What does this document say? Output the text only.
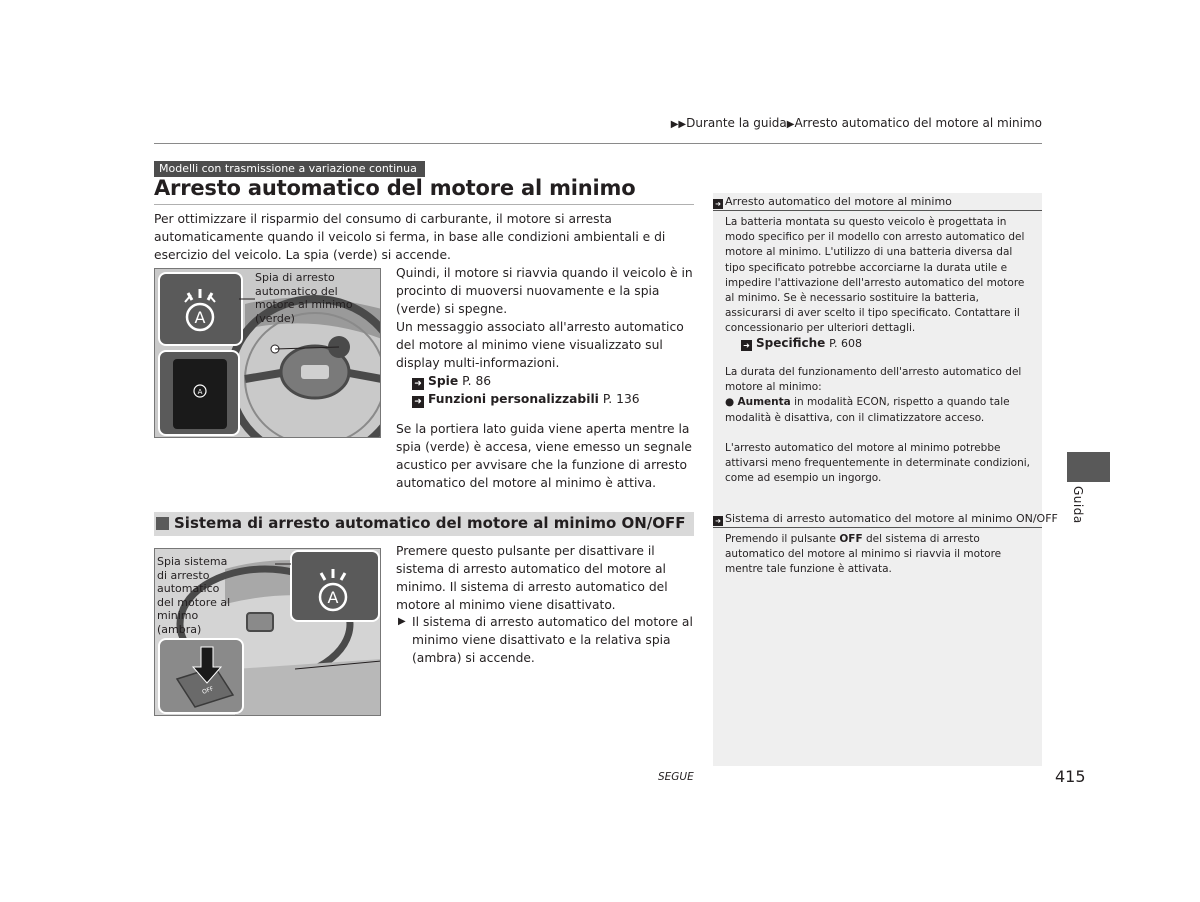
▶▶Durante la guida▶Arresto automatico del motore al minimo
Modelli con trasmissione a variazione continua
Arresto automatico del motore al minimo
Per ottimizzare il risparmio del consumo di carburante, il motore si arresta automaticamente quando il veicolo si ferma, in base alle condizioni ambientali e di esercizio del veicolo. La spia (verde) si accende.
A
A
Spia di arresto automatico del motore al minimo (verde)
Quindi, il motore si riavvia quando il veicolo è in procinto di muoversi nuovamente e la spia (verde) si spegne.
Un messaggio associato all'arresto automatico del motore al minimo viene visualizzato sul display multi-informazioni.
➜ Spie P. 86
➜ Funzioni personalizzabili P. 136
Se la portiera lato guida viene aperta mentre la spia (verde) è accesa, viene emesso un segnale acustico per avvisare che la funzione di arresto automatico del motore al minimo è attiva.
Sistema di arresto automatico del motore al minimo ON/OFF
A
OFF
Spia sistema di arresto automatico del motore al minimo (ambra)
Premere questo pulsante per disattivare il sistema di arresto automatico del motore al minimo. Il sistema di arresto automatico del motore al minimo viene disattivato.
▶ Il sistema di arresto automatico del motore al minimo viene disattivato e la relativa spia (ambra) si accende.
➜ Arresto automatico del motore al minimo
La batteria montata su questo veicolo è progettata in modo specifico per il modello con arresto automatico del motore al minimo. L'utilizzo di una batteria diversa dal tipo specificato potrebbe accorciarne la durata utile e impedire l'attivazione dell'arresto automatico del motore al minimo. Se è necessario sostituire la batteria, assicurarsi di aver scelto il tipo specificato. Contattare il concessionario per ulteriori dettagli.
➜ Specifiche P. 608
La durata del funzionamento dell'arresto automatico del motore al minimo:
● Aumenta in modalità ECON, rispetto a quando tale modalità è disattiva, con il climatizzatore acceso.
L'arresto automatico del motore al minimo potrebbe attivarsi meno frequentemente in determinate condizioni, come ad esempio un ingorgo.
➜ Sistema di arresto automatico del motore al minimo ON/OFF
Premendo il pulsante OFF del sistema di arresto automatico del motore al minimo si riavvia il motore mentre tale funzione è attivata.
Guida
SEGUE	415
